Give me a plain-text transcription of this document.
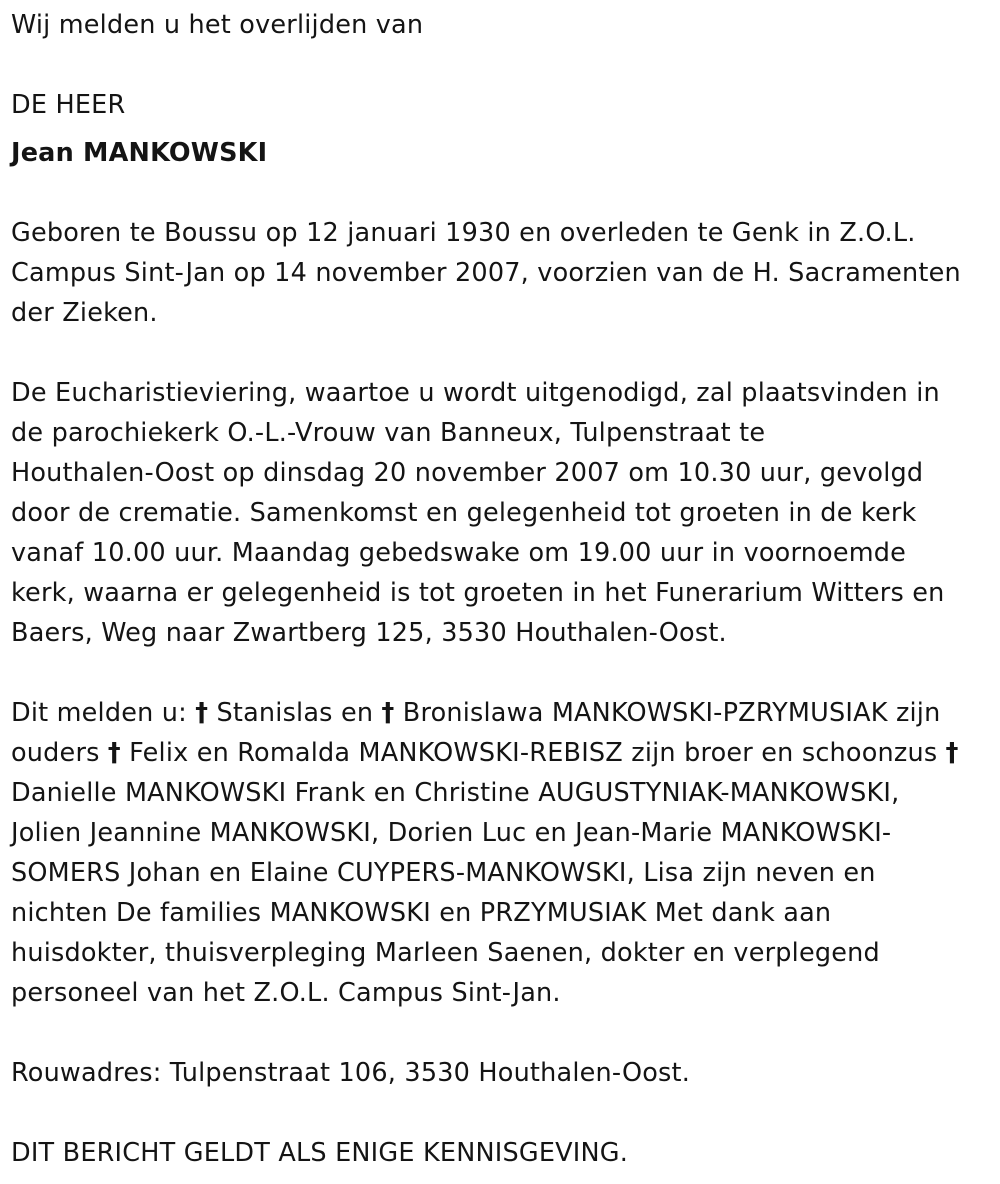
Wij melden u het overlijden van

DE HEER

Jean MANKOWSKI

Geboren te Boussu op 12 januari 1930 en overleden te Genk in Z.O.L.
Campus Sint-Jan op 14 november 2007, voorzien van de H. Sacramenten
der Zieken.
De Eucharistieviering, waartoe u wordt uitgenodigd, zal plaatsvinden in
de parochiekerk O.-L.-Vrouw van Banneux, Tulpenstraat te
Houthalen-Oost op dinsdag 20 november 2007 om 10.30 uur, gevolgd
door de crematie. Samenkomst en gelegenheid tot groeten in de kerk
vanaf 10.00 uur. Maandag gebedswake om 19.00 uur in voornoemde
kerk, waarna er gelegenheid is tot groeten in het Funerarium Witters en
Baers, Weg naar Zwartberg 125, 3530 Houthalen-Oost.
Dit melden u: † Stanislas en † Bronislawa MANKOWSKI-PZRYMUSIAK zijn
ouders † Felix en Romalda MANKOWSKI-REBISZ zijn broer en schoonzus †
Danielle MANKOWSKI Frank en Christine AUGUSTYNIAK-MANKOWSKI,
Jolien Jeannine MANKOWSKI, Dorien Luc en Jean-Marie MANKOWSKI-
SOMERS Johan en Elaine CUYPERS-MANKOWSKI, Lisa zijn neven en
nichten De families MANKOWSKI en PRZYMUSIAK Met dank aan
huisdokter, thuisverpleging Marleen Saenen, dokter en verplegend
personeel van het Z.O.L. Campus Sint-Jan.

Rouwadres: Tulpenstraat 106, 3530 Houthalen-Oost.

DIT BERICHT GELDT ALS ENIGE KENNISGEVING.
